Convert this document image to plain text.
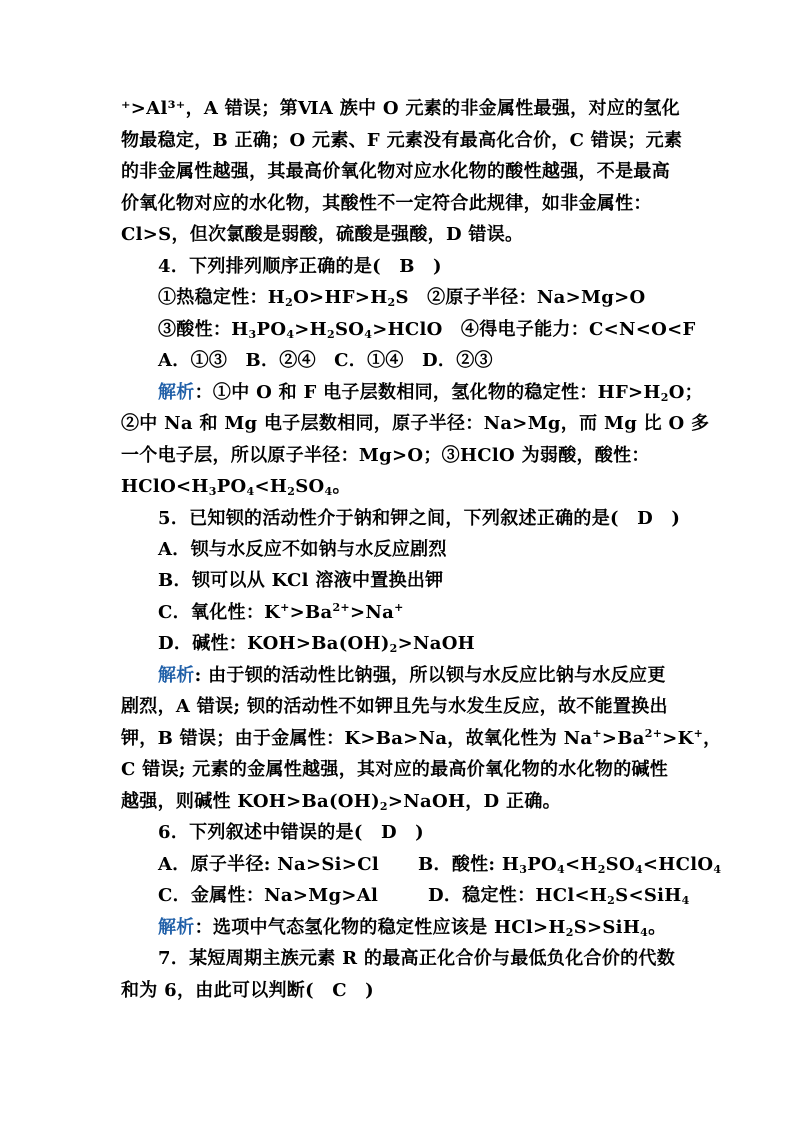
⁺>Al³⁺，A 错误；第ⅥA 族中 O 元素的非金属性最强，对应的氢化
物最稳定，B 正确；O 元素、F 元素没有最高化合价，C 错误；元素
的非金属性越强，其最高价氧化物对应水化物的酸性越强，不是最高
价氧化物对应的水化物，其酸性不一定符合此规律，如非金属性：
Cl>S，但次氯酸是弱酸，硫酸是强酸，D 错误。
4．下列排列顺序正确的是(　B　)
①热稳定性：$H_2O>HF>H_2S$　②原子半径：Na>Mg>O
③酸性：$H_3PO_4>H_2SO_4>HClO$　④得电子能力：C<N<O<F
A．①③　B．②④　C．①④　D．②③
解析：①中 O 和 F 电子层数相同，氢化物的稳定性：$HF>H_2O$；
②中 Na 和 Mg 电子层数相同，原子半径：Na>Mg，而 Mg 比 O 多
一个电子层，所以原子半径：Mg>O；③HClO 为弱酸，酸性：
$HClO<H_3PO_4<H_2SO_4$。
5．已知钡的活动性介于钠和钾之间，下列叙述正确的是(　D　)
A．钡与水反应不如钠与水反应剧烈
B．钡可以从 KCl 溶液中置换出钾
C．氧化性：$K^+>Ba^{2+}>Na^+$
D．碱性：$KOH>Ba(OH)_2>NaOH$
解析: 由于钡的活动性比钠强，所以钡与水反应比钠与水反应更
剧烈，A 错误; 钡的活动性不如钾且先与水发生反应，故不能置换出
钾，B 错误；由于金属性：K>Ba>Na，故氧化性为 $Na^+>Ba^{2+}>K^+$，
C 错误; 元素的金属性越强，其对应的最高价氧化物的水化物的碱性
越强，则碱性 $KOH>Ba(OH)_2>NaOH$，D 正确。
6．下列叙述中错误的是(　D　)
A．原子半径: Na>Si>Cl B．酸性: $H_3PO_4<H_2SO_4<HClO_4$
C．金属性：Na>Mg>Al	D．稳定性：$HCl<H_2S<SiH_4$
解析：选项中气态氢化物的稳定性应该是 $HCl>H_2S>SiH_4$。
7．某短周期主族元素 R 的最高正化合价与最低负化合价的代数
和为 6，由此可以判断(　C　)
